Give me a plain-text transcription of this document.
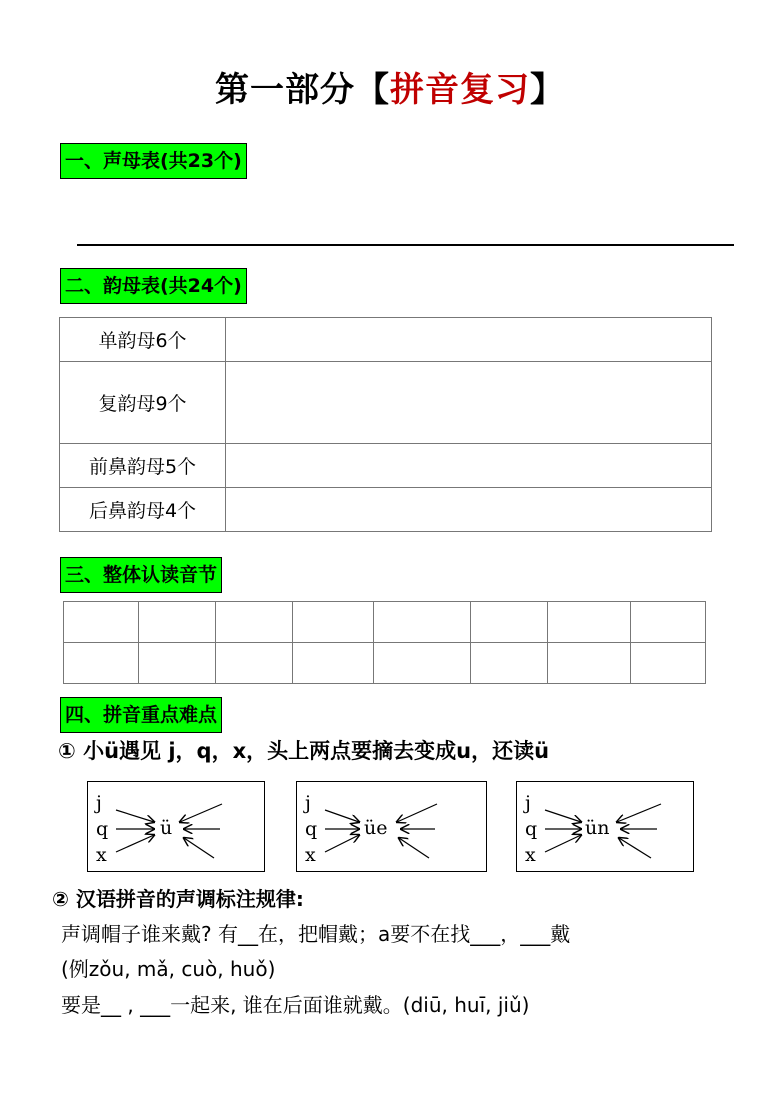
第一部分【拼音复习】
一、声母表(共23个)
二、韵母表(共24个)
单韵母6个	
复韵母9个	
前鼻韵母5个	
后鼻韵母4个	
三、整体认读音节

四、拼音重点难点
① 小ü遇见 j，q，x，头上两点要摘去变成u，还读ü
j
q
x
ü
j
q
x
üe
j
q
x
ün
② 汉语拼音的声调标注规律:
声调帽子谁来戴? 有__在，把帽戴；a要不在找___，___戴
(例zǒu, mǎ, cuò, huǒ)
要是__ , ___一起来, 谁在后面谁就戴。(diū, huī, jiǔ)
